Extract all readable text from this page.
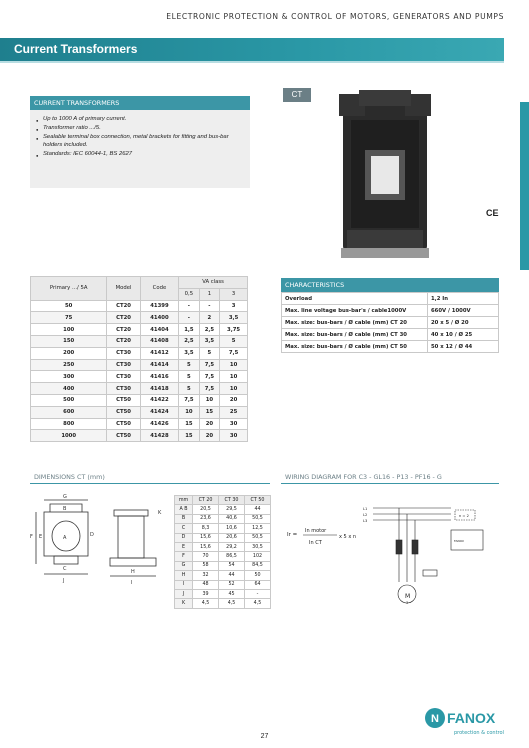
ELECTRONIC PROTECTION & CONTROL OF MOTORS, GENERATORS AND PUMPS
Current Transformers
CURRENT TRANSFORMERS
● Up to 1000 A of primary current.
● Transformer ratio .../5.
● Sealable terminal box connection, metal brackets for fitting and bus-bar holders included.
● Standards: IEC 60044-1, BS 2627
CT
CE
Primary .../ 5A	Model	Code	VA class		
			0,5	1	3
50	CT20	41399	-	-	3
75	CT20	41400	-	2	3,5
100	CT20	41404	1,5	2,5	3,75
150	CT20	41408	2,5	3,5	5
200	CT30	41412	3,5	5	7,5
250	CT30	41414	5	7,5	10
300	CT30	41416	5	7,5	10
400	CT30	41418	5	7,5	10
500	CT50	41422	7,5	10	20
600	CT50	41424	10	15	25
800	CT50	41426	15	20	30
1000	CT50	41428	15	20	30
CHARACTERISTICS
Overload	1,2 In
Max. line voltage bus-bar's / cable1000V	660V / 1000V
Max. size: bus-bars / Ø cable (mm) CT 20	20 x 5 / Ø 20
Max. size: bus-bars / Ø cable (mm) CT 30	40 x 10 / Ø 25
Max. size: bus-bars / Ø cable (mm) CT 50	50 x 12 / Ø 44
DIMENSIONS CT (mm)
G
B
A
K
E
F	D
C	H
I
J
mm	CT 20	CT 30	CT 50
A B	20,5	29,5	44
B	23,6	40,6	50,5
C	8,3	10,6	12,5
D	15,6	20,6	50,5
E	15,6	29,2	30,5
F	70	86,5	102
G	58	54	84,5
H	32	44	50
I	48	52	64
J	39	45	-
K	4,5	4,5	4,5
WIRING DIAGRAM FOR C3 - GL16 - P13 - PF16 - G
Ir =
In motor
In CT
x 5 x n
L1
L2
L3
n = 2
FANOX
M
3~
N FANOX
protection & control
27
